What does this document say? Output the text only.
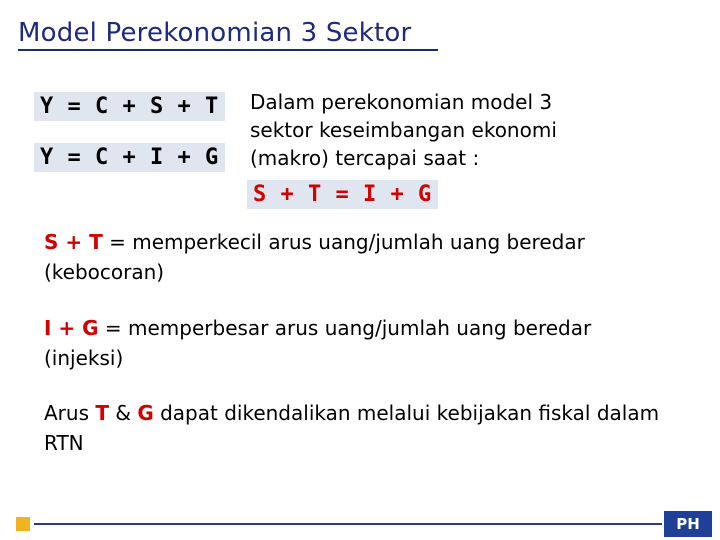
Model Perekonomian 3 Sektor
Y = C + S + T
Y = C + I + G
Dalam perekonomian model 3
sektor keseimbangan ekonomi
(makro) tercapai saat :
S + T = I + G
S + T = memperkecil arus uang/jumlah uang beredar (kebocoran)
I + G = memperbesar arus uang/jumlah uang beredar (injeksi)
Arus T & G dapat dikendalikan melalui kebijakan fiskal dalam RTN
PH
